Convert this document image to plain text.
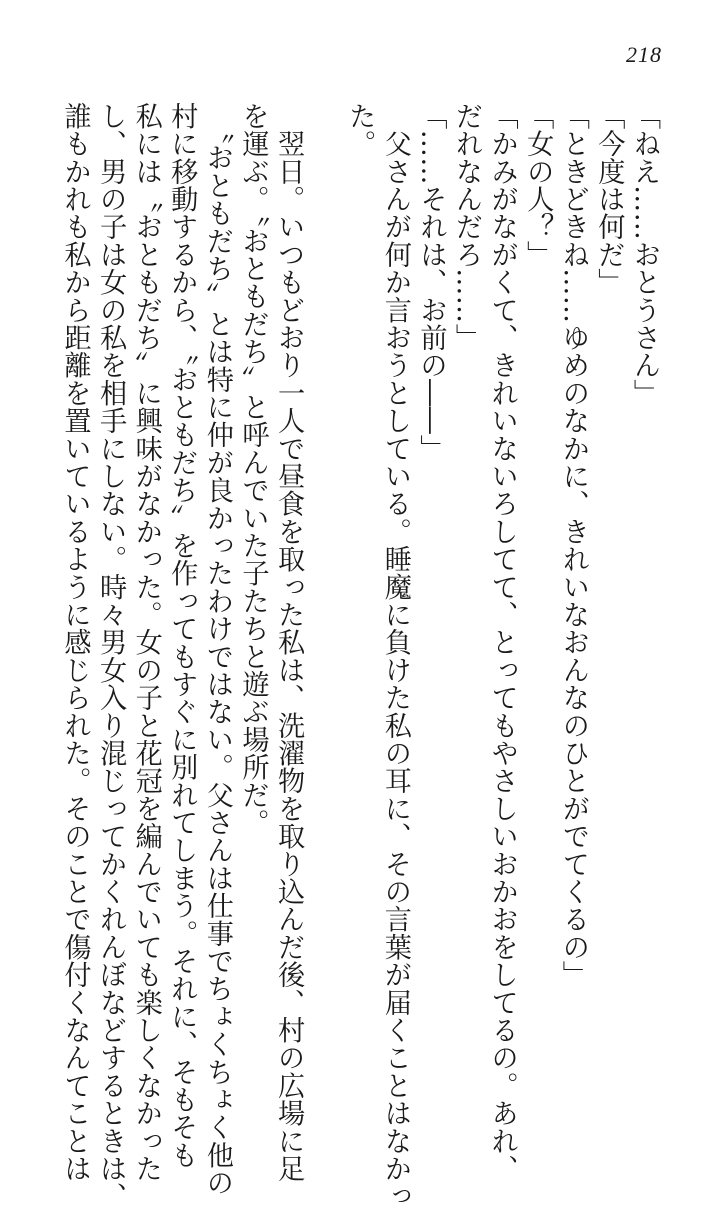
218
「ねえ……おとうさん」
「今度は何だ」
「ときどきね……ゆめのなかに、きれいなおんなのひとがでてくるの」
「女の人？」
「かみがながくて、きれいないろしてて、とってもやさしいおかおをしてるの。あれ、
だれなんだろ……」
「……それは、お前の――」
　父さんが何か言おうとしている。睡魔に負けた私の耳に、その言葉が届くことはなかっ
た。

　翌日。いつもどおり一人で昼食を取った私は、洗濯物を取り込んだ後、村の広場に足
を運ぶ。〝おともだち〟と呼んでいた子たちと遊ぶ場所だ。
　〝おともだち〟とは特に仲が良かったわけではない。父さんは仕事でちょくちょく他の
村に移動するから、〝おともだち〟を作ってもすぐに別れてしまう。それに、そもそも
私には〝おともだち〟に興味がなかった。女の子と花冠を編んでいても楽しくなかった
し、男の子は女の私を相手にしない。時々男女入り混じってかくれんぼなどするときは、
誰もかれも私から距離を置いているように感じられた。そのことで傷付くなんてことは
